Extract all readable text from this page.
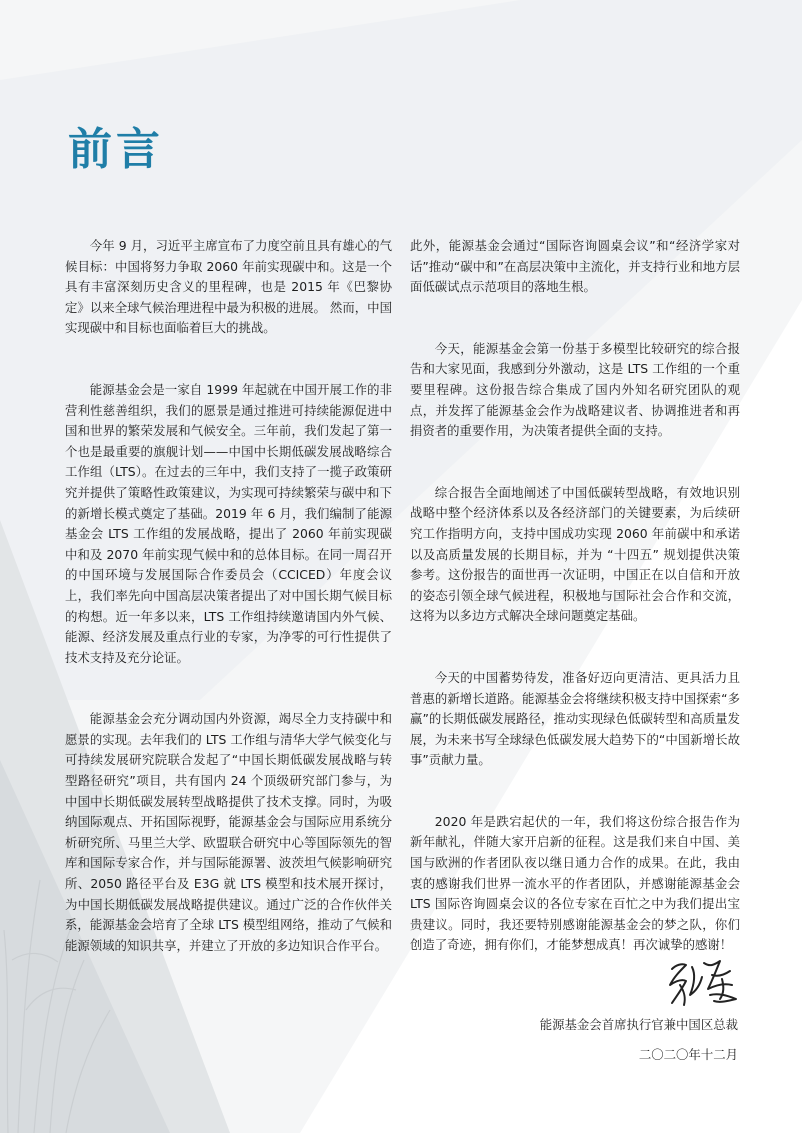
前言

今年 9 月，习近平主席宣布了力度空前且具有雄心的气候目标：中国将努力争取 2060 年前实现碳中和。这是一个具有丰富深刻历史含义的里程碑，也是 2015 年《巴黎协定》以来全球气候治理进程中最为积极的进展。 然而，中国实现碳中和目标也面临着巨大的挑战。

能源基金会是一家自 1999 年起就在中国开展工作的非营利性慈善组织，我们的愿景是通过推进可持续能源促进中国和世界的繁荣发展和气候安全。三年前，我们发起了第一个也是最重要的旗舰计划——中国中长期低碳发展战略综合工作组（LTS）。在过去的三年中，我们支持了一揽子政策研究并提供了策略性政策建议，为实现可持续繁荣与碳中和下的新增长模式奠定了基础。2019 年 6 月，我们编制了能源基金会 LTS 工作组的发展战略，提出了 2060 年前实现碳中和及 2070 年前实现气候中和的总体目标。在同一周召开的中国环境与发展国际合作委员会（CCICED）年度会议上，我们率先向中国高层决策者提出了对中国长期气候目标的构想。近一年多以来，LTS 工作组持续邀请国内外气候、能源、经济发展及重点行业的专家，为净零的可行性提供了技术支持及充分论证。

能源基金会充分调动国内外资源，竭尽全力支持碳中和愿景的实现。去年我们的 LTS 工作组与清华大学气候变化与可持续发展研究院联合发起了“中国长期低碳发展战略与转型路径研究”项目，共有国内 24 个顶级研究部门参与，为中国中长期低碳发展转型战略提供了技术支撑。同时，为吸纳国际观点、开拓国际视野，能源基金会与国际应用系统分析研究所、马里兰大学、欧盟联合研究中心等国际领先的智库和国际专家合作，并与国际能源署、波茨坦气候影响研究所、2050 路径平台及 E3G 就 LTS 模型和技术展开探讨，为中国长期低碳发展战略提供建议。通过广泛的合作伙伴关系，能源基金会培育了全球 LTS 模型组网络，推动了气候和能源领域的知识共享，并建立了开放的多边知识合作平台。

此外，能源基金会通过“国际咨询圆桌会议”和“经济学家对话”推动“碳中和”在高层决策中主流化，并支持行业和地方层面低碳试点示范项目的落地生根。

今天，能源基金会第一份基于多模型比较研究的综合报告和大家见面，我感到分外激动，这是 LTS 工作组的一个重要里程碑。这份报告综合集成了国内外知名研究团队的观点，并发挥了能源基金会作为战略建议者、协调推进者和再捐资者的重要作用，为决策者提供全面的支持。

综合报告全面地阐述了中国低碳转型战略，有效地识别战略中整个经济体系以及各经济部门的关键要素，为后续研究工作指明方向，支持中国成功实现 2060 年前碳中和承诺以及高质量发展的长期目标，并为 “十四五” 规划提供决策参考。这份报告的面世再一次证明，中国正在以自信和开放的姿态引领全球气候进程，积极地与国际社会合作和交流，这将为以多边方式解决全球问题奠定基础。

今天的中国蓄势待发，准备好迈向更清洁、更具活力且普惠的新增长道路。能源基金会将继续积极支持中国探索“多赢”的长期低碳发展路径，推动实现绿色低碳转型和高质量发展，为未来书写全球绿色低碳发展大趋势下的“中国新增长故事”贡献力量。

2020 年是跌宕起伏的一年，我们将这份综合报告作为新年献礼，伴随大家开启新的征程。这是我们来自中国、美国与欧洲的作者团队夜以继日通力合作的成果。在此，我由衷的感谢我们世界一流水平的作者团队，并感谢能源基金会 LTS 国际咨询圆桌会议的各位专家在百忙之中为我们提出宝贵建议。同时，我还要特别感谢能源基金会的梦之队，你们创造了奇迹，拥有你们，才能梦想成真！再次诚挚的感谢！

能源基金会首席执行官兼中国区总裁

二〇二〇年十二月
